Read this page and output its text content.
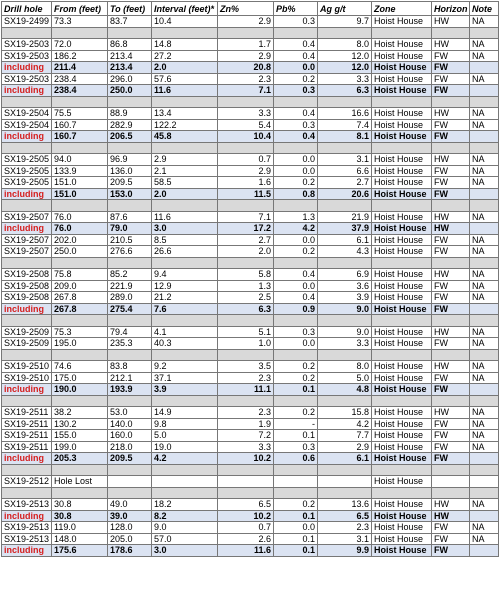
Drill hole	From (feet)	To (feet)	Interval (feet)*	Zn%	Pb%	Ag g/t	Zone	Horizon	Note
SX19-2499	73.3	83.7	10.4	2.9	0.3	9.7	Hoist House	HW	NA

SX19-2503	72.0	86.8	14.8	1.7	0.4	8.0	Hoist House	HW	NA
SX19-2503	186.2	213.4	27.2	2.9	0.4	12.0	Hoist House	FW	NA
including	211.4	213.4	2.0	20.8	0.0	12.0	Hoist House	FW	
SX19-2503	238.4	296.0	57.6	2.3	0.2	3.3	Hoist House	FW	NA
including	238.4	250.0	11.6	7.1	0.3	6.3	Hoist House	FW	

SX19-2504	75.5	88.9	13.4	3.3	0.4	16.6	Hoist House	HW	NA
SX19-2504	160.7	282.9	122.2	5.4	0.3	7.4	Hoist House	FW	NA
including	160.7	206.5	45.8	10.4	0.4	8.1	Hoist House	FW	

SX19-2505	94.0	96.9	2.9	0.7	0.0	3.1	Hoist House	HW	NA
SX19-2505	133.9	136.0	2.1	2.9	0.0	6.6	Hoist House	FW	NA
SX19-2505	151.0	209.5	58.5	1.6	0.2	2.7	Hoist House	FW	NA
including	151.0	153.0	2.0	11.5	0.8	20.6	Hoist House	FW	

SX19-2507	76.0	87.6	11.6	7.1	1.3	21.9	Hoist House	HW	NA
including	76.0	79.0	3.0	17.2	4.2	37.9	Hoist House	HW	
SX19-2507	202.0	210.5	8.5	2.7	0.0	6.1	Hoist House	FW	NA
SX19-2507	250.0	276.6	26.6	2.0	0.2	4.3	Hoist House	FW	NA

SX19-2508	75.8	85.2	9.4	5.8	0.4	6.9	Hoist House	HW	NA
SX19-2508	209.0	221.9	12.9	1.3	0.0	3.6	Hoist House	FW	NA
SX19-2508	267.8	289.0	21.2	2.5	0.4	3.9	Hoist House	FW	NA
including	267.8	275.4	7.6	6.3	0.9	9.0	Hoist House	FW	

SX19-2509	75.3	79.4	4.1	5.1	0.3	9.0	Hoist House	HW	NA
SX19-2509	195.0	235.3	40.3	1.0	0.0	3.3	Hoist House	FW	NA

SX19-2510	74.6	83.8	9.2	3.5	0.2	8.0	Hoist House	HW	NA
SX19-2510	175.0	212.1	37.1	2.3	0.2	5.0	Hoist House	FW	NA
including	190.0	193.9	3.9	11.1	0.1	4.8	Hoist House	FW	

SX19-2511	38.2	53.0	14.9	2.3	0.2	15.8	Hoist House	HW	NA
SX19-2511	130.2	140.0	9.8	1.9	-	4.2	Hoist House	FW	NA
SX19-2511	155.0	160.0	5.0	7.2	0.1	7.7	Hoist House	FW	NA
SX19-2511	199.0	218.0	19.0	3.3	0.3	2.9	Hoist House	FW	NA
including	205.3	209.5	4.2	10.2	0.6	6.1	Hoist House	FW	

SX19-2512	Hole Lost						Hoist House		

SX19-2513	30.8	49.0	18.2	6.5	0.2	13.6	Hoist House	HW	NA
including	30.8	39.0	8.2	10.2	0.1	6.5	Hoist House	HW	
SX19-2513	119.0	128.0	9.0	0.7	0.0	2.3	Hoist House	FW	NA
SX19-2513	148.0	205.0	57.0	2.6	0.1	3.1	Hoist House	FW	NA
including	175.6	178.6	3.0	11.6	0.1	9.9	Hoist House	FW	
